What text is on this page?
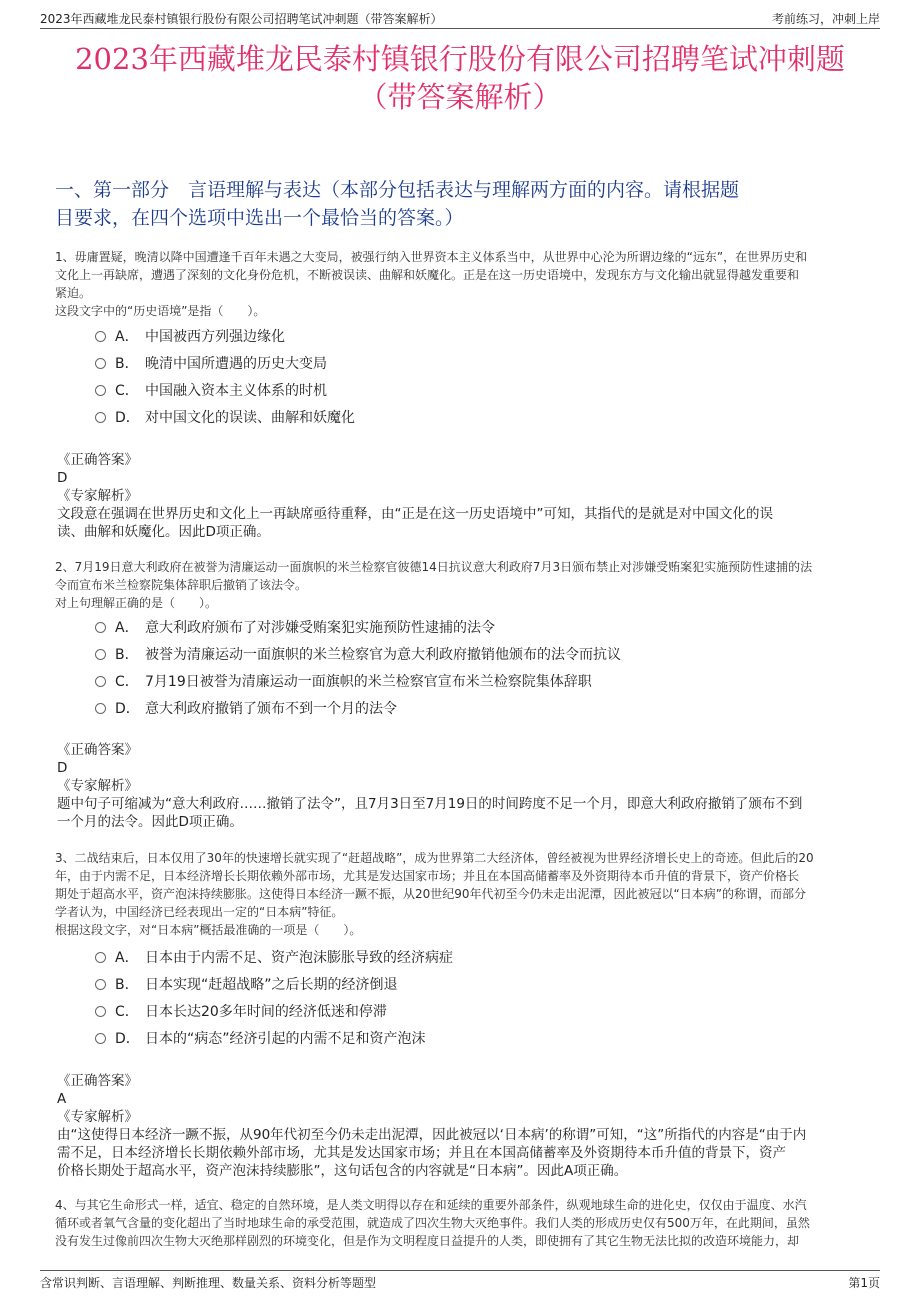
2023年西藏堆龙民泰村镇银行股份有限公司招聘笔试冲刺题（带答案解析）	考前练习，冲刺上岸
2023年西藏堆龙民泰村镇银行股份有限公司招聘笔试冲刺题
（带答案解析）
一、第一部分　言语理解与表达（本部分包括表达与理解两方面的内容。请根据题
目要求，在四个选项中选出一个最恰当的答案。）
1、毋庸置疑，晚清以降中国遭逢千百年未遇之大变局，被强行纳入世界资本主义体系当中，从世界中心沦为所谓边缘的“远东”，在世界历史和
文化上一再缺席，遭遇了深刻的文化身份危机，不断被误读、曲解和妖魔化。正是在这一历史语境中，发现东方与文化输出就显得越发重要和
紧迫。
这段文字中的“历史语境”是指（　　）。
A． 中国被西方列强边缘化
B． 晚清中国所遭遇的历史大变局
C． 中国融入资本主义体系的时机
D． 对中国文化的误读、曲解和妖魔化
《正确答案》
D
《专家解析》
文段意在强调在世界历史和文化上一再缺席亟待重释，由“正是在这一历史语境中”可知，其指代的是就是对中国文化的误
读、曲解和妖魔化。因此D项正确。
2、7月19日意大利政府在被誉为清廉运动一面旗帜的米兰检察官彼德14日抗议意大利政府7月3日颁布禁止对涉嫌受贿案犯实施预防性逮捕的法
令而宣布米兰检察院集体辞职后撤销了该法令。
对上句理解正确的是（　　）。
A． 意大利政府颁布了对涉嫌受贿案犯实施预防性逮捕的法令
B． 被誉为清廉运动一面旗帜的米兰检察官为意大利政府撤销他颁布的法令而抗议
C． 7月19日被誉为清廉运动一面旗帜的米兰检察官宣布米兰检察院集体辞职
D． 意大利政府撤销了颁布不到一个月的法令
《正确答案》
D
《专家解析》
题中句子可缩减为“意大利政府……撤销了法令”，且7月3日至7月19日的时间跨度不足一个月，即意大利政府撤销了颁布不到
一个月的法令。因此D项正确。
3、二战结束后，日本仅用了30年的快速增长就实现了“赶超战略”，成为世界第二大经济体，曾经被视为世界经济增长史上的奇迹。但此后的20
年，由于内需不足，日本经济增长长期依赖外部市场，尤其是发达国家市场；并且在本国高储蓄率及外资期待本币升值的背景下，资产价格长
期处于超高水平，资产泡沫持续膨胀。这使得日本经济一蹶不振，从20世纪90年代初至今仍未走出泥潭，因此被冠以“日本病”的称谓，而部分
学者认为，中国经济已经表现出一定的“日本病”特征。
根据这段文字，对“日本病”概括最准确的一项是（　　）。
A． 日本由于内需不足、资产泡沫膨胀导致的经济病症
B． 日本实现“赶超战略”之后长期的经济倒退
C． 日本长达20多年时间的经济低迷和停滞
D． 日本的“病态”经济引起的内需不足和资产泡沫
《正确答案》
A
《专家解析》
由“这使得日本经济一蹶不振，从90年代初至今仍未走出泥潭，因此被冠以‘日本病’的称谓”可知，“这”所指代的内容是“由于内
需不足，日本经济增长长期依赖外部市场，尤其是发达国家市场；并且在本国高储蓄率及外资期待本币升值的背景下，资产
价格长期处于超高水平，资产泡沫持续膨胀”，这句话包含的内容就是“日本病”。因此A项正确。
4、与其它生命形式一样，适宜、稳定的自然环境，是人类文明得以存在和延续的重要外部条件，纵观地球生命的进化史，仅仅由于温度、水汽
循环或者氧气含量的变化超出了当时地球生命的承受范围，就造成了四次生物大灭绝事件。我们人类的形成历史仅有500万年，在此期间，虽然
没有发生过像前四次生物大灭绝那样剧烈的环境变化，但是作为文明程度日益提升的人类，即使拥有了其它生物无法比拟的改造环境能力，却
含常识判断、言语理解、判断推理、数量关系、资料分析等题型	第1页
